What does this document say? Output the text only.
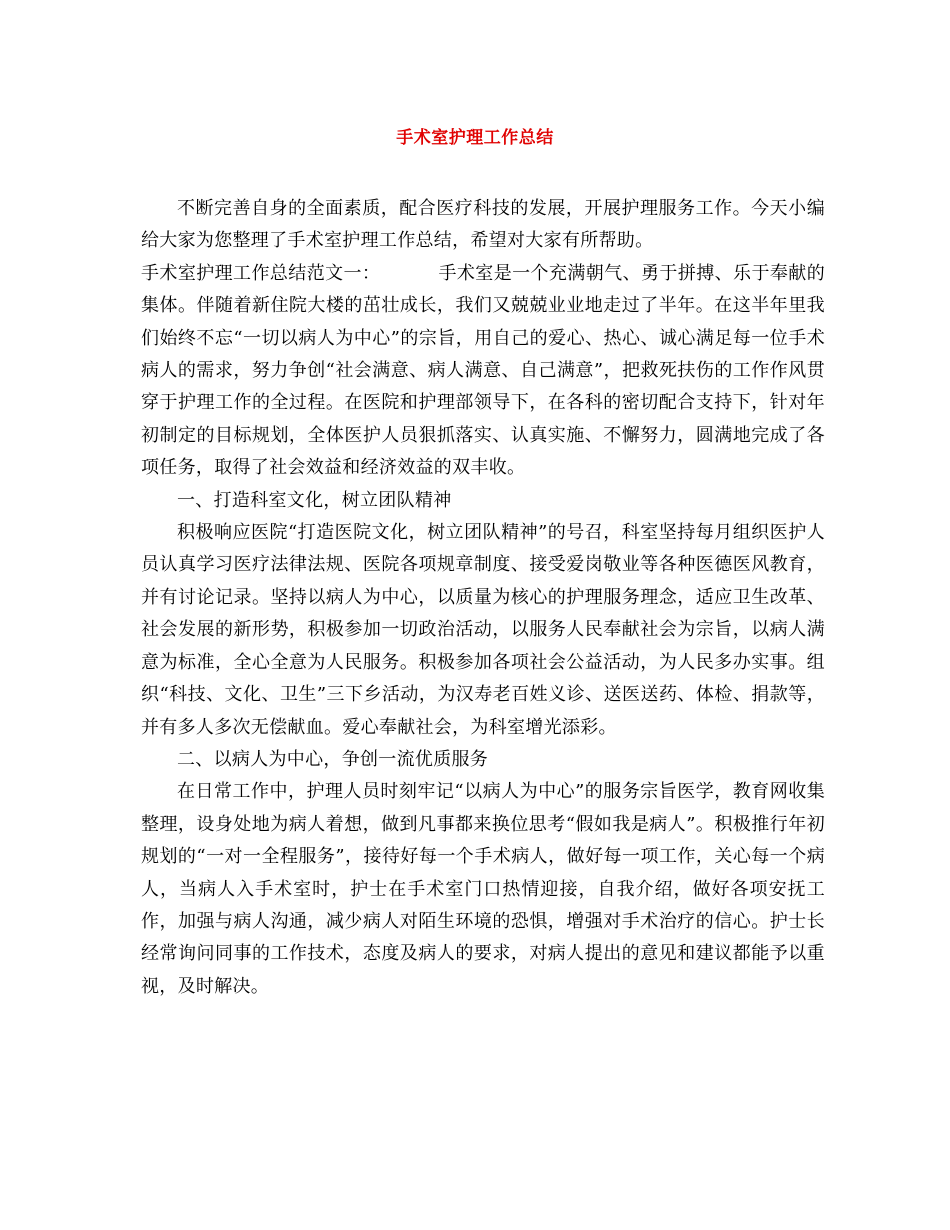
手术室护理工作总结

不断完善自身的全面素质，配合医疗科技的发展，开展护理服务工作。今天小编给大家为您整理了手术室护理工作总结，希望对大家有所帮助。

手术室护理工作总结范文一：	手术室是一个充满朝气、勇于拼搏、乐于奉献的集体。伴随着新住院大楼的茁壮成长，我们又兢兢业业地走过了半年。在这半年里我们始终不忘“一切以病人为中心”的宗旨，用自己的爱心、热心、诚心满足每一位手术病人的需求，努力争创“社会满意、病人满意、自己满意”，把救死扶伤的工作作风贯穿于护理工作的全过程。在医院和护理部领导下，在各科的密切配合支持下，针对年初制定的目标规划，全体医护人员狠抓落实、认真实施、不懈努力，圆满地完成了各项任务，取得了社会效益和经济效益的双丰收。

一、打造科室文化，树立团队精神

积极响应医院“打造医院文化，树立团队精神”的号召，科室坚持每月组织医护人员认真学习医疗法律法规、医院各项规章制度、接受爱岗敬业等各种医德医风教育，并有讨论记录。坚持以病人为中心，以质量为核心的护理服务理念，适应卫生改革、社会发展的新形势，积极参加一切政治活动，以服务人民奉献社会为宗旨，以病人满意为标准，全心全意为人民服务。积极参加各项社会公益活动，为人民多办实事。组织“科技、文化、卫生”三下乡活动，为汉寿老百姓义诊、送医送药、体检、捐款等，并有多人多次无偿献血。爱心奉献社会，为科室增光添彩。

二、以病人为中心，争创一流优质服务

在日常工作中，护理人员时刻牢记“以病人为中心”的服务宗旨医学，教育网收集整理，设身处地为病人着想，做到凡事都来换位思考“假如我是病人”。积极推行年初规划的“一对一全程服务”，接待好每一个手术病人，做好每一项工作，关心每一个病人，当病人入手术室时，护士在手术室门口热情迎接，自我介绍，做好各项安抚工作，加强与病人沟通，减少病人对陌生环境的恐惧，增强对手术治疗的信心。护士长经常询问同事的工作技术，态度及病人的要求，对病人提出的意见和建议都能予以重视，及时解决。
